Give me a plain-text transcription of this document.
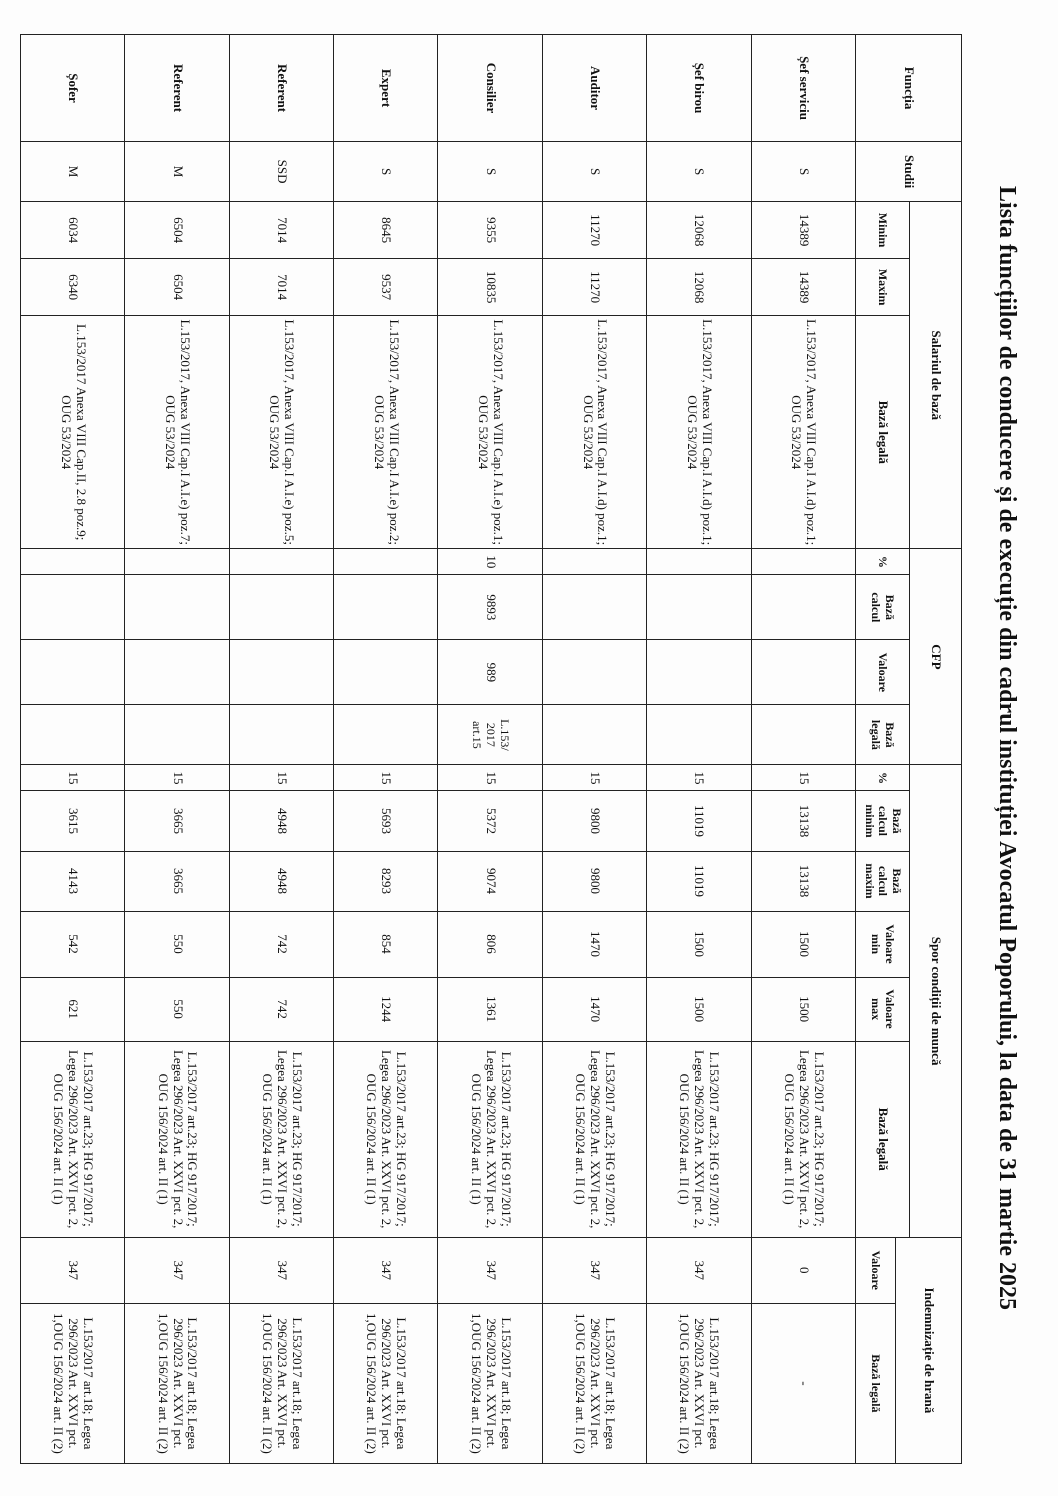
Lista funcțiilor de conducere și de execuție din cadrul instituției Avocatul Poporului, la data de 31 martie 2025
Funcția	Studii	Salariul de bază			CFP				Spor condiții de muncă						Indemnizație de hrană	
		Minim	Maxim	Bază legală	%	Bază calcul	Valoare	Bază legală	%	Bază calcul minim	Bază calcul maxim	Valoare min	Valoare max	Bază legală		
															Valoare	Bază legală
Șef serviciu	S	14389	14389	L.153/2017, Anexa VIII Cap.I A.I.d) poz.1; OUG 53/2024					15	13138	13138	1500	1500	L.153/2017 art.23; HG 917/2017; Legea 296/2023 Art. XXVI pct. 2, OUG 156/2024 art. II (1)	0	-
Șef birou	S	12068	12068	L.153/2017, Anexa VIII Cap.I A.I.d) poz.1; OUG 53/2024					15	11019	11019	1500	1500	L.153/2017 art.23; HG 917/2017; Legea 296/2023 Art. XXVI pct. 2, OUG 156/2024 art. II (1)	347	L.153/2017 art.18; Legea 296/2023 Art. XXVI pct. 1,OUG 156/2024 art. II (2)
Auditor	S	11270	11270	L.153/2017, Anexa VIII Cap.I A.I.d) poz.1; OUG 53/2024					15	9800	9800	1470	1470	L.153/2017 art.23; HG 917/2017; Legea 296/2023 Art. XXVI pct. 2, OUG 156/2024 art. II (1)	347	L.153/2017 art.18; Legea 296/2023 Art. XXVI pct. 1,OUG 156/2024 art. II (2)
Consilier	S	9355	10835	L.153/2017, Anexa VIII Cap.I A.I.e) poz.1; OUG 53/2024	10	9893	989	L.153/ 2017 art.15	15	5372	9074	806	1361	L.153/2017 art.23; HG 917/2017; Legea 296/2023 Art. XXVI pct. 2, OUG 156/2024 art. II (1)	347	L.153/2017 art.18; Legea 296/2023 Art. XXVI pct. 1,OUG 156/2024 art. II (2)
Expert	S	8645	9537	L.153/2017, Anexa VIII Cap.I A.I.e) poz.2; OUG 53/2024					15	5693	8293	854	1244	L.153/2017 art.23; HG 917/2017; Legea 296/2023 Art. XXVI pct. 2, OUG 156/2024 art. II (1)	347	L.153/2017 art.18; Legea 296/2023 Art. XXVI pct. 1,OUG 156/2024 art. II (2)
Referent	SSD	7014	7014	L.153/2017, Anexa VIII Cap.I A.I.e) poz.5; OUG 53/2024					15	4948	4948	742	742	L.153/2017 art.23; HG 917/2017; Legea 296/2023 Art. XXVI pct. 2, OUG 156/2024 art. II (1)	347	L.153/2017 art.18; Legea 296/2023 Art. XXVI pct. 1,OUG 156/2024 art. II (2)
Referent	M	6504	6504	L.153/2017, Anexa VIII Cap.I A.I.e) poz.7; OUG 53/2024					15	3665	3665	550	550	L.153/2017 art.23; HG 917/2017; Legea 296/2023 Art. XXVI pct. 2, OUG 156/2024 art. II (1)	347	L.153/2017 art.18; Legea 296/2023 Art. XXVI pct. 1,OUG 156/2024 art. II (2)
Șofer	M	6034	6340	L.153/2017 Anexa VIII Cap.II, 2.8 poz.9; OUG 53/2024					15	3615	4143	542	621	L.153/2017 art.23; HG 917/2017; Legea 296/2023 Art. XXVI pct. 2, OUG 156/2024 art. II (1)	347	L.153/2017 art.18; Legea 296/2023 Art. XXVI pct. 1,OUG 156/2024 art. II (2)
